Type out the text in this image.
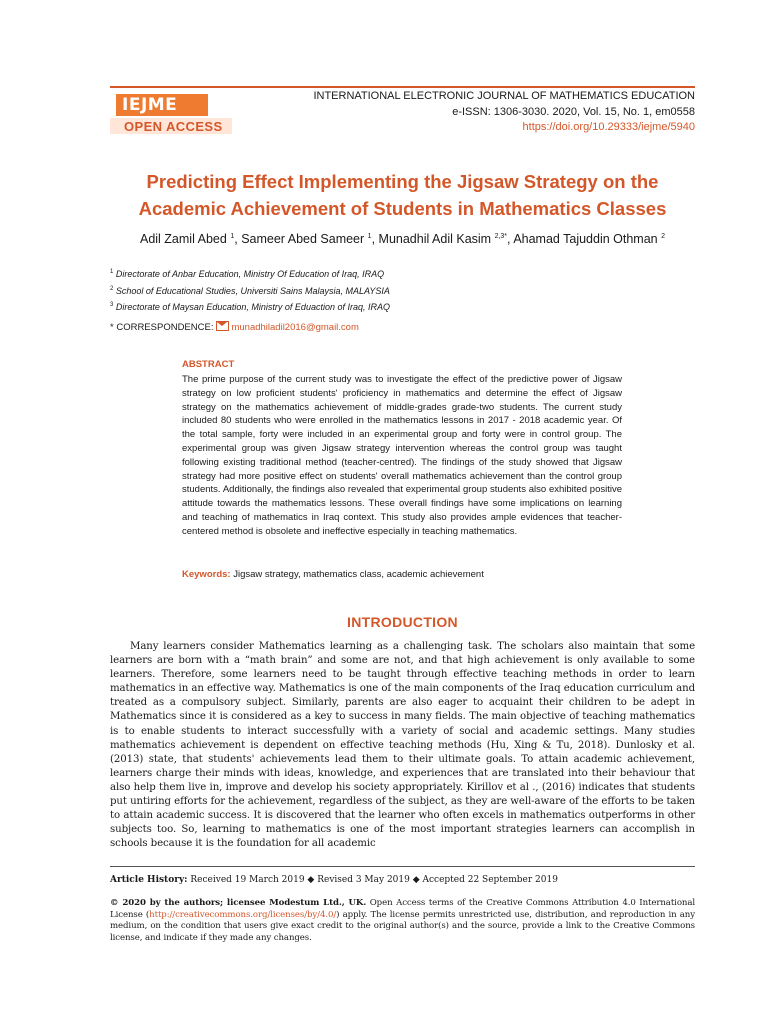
IEJME
OPEN ACCESS
INTERNATIONAL ELECTRONIC JOURNAL OF MATHEMATICS EDUCATION
e-ISSN: 1306-3030. 2020, Vol. 15, No. 1, em0558
https://doi.org/10.29333/iejme/5940
Predicting Effect Implementing the Jigsaw Strategy on the Academic Achievement of Students in Mathematics Classes
Adil Zamil Abed $^1$, Sameer Abed Sameer $^1$, Munadhil Adil Kasim $^{2,3*}$, Ahamad Tajuddin Othman $^2$
$^1$ Directorate of Anbar Education, Ministry Of Education of Iraq, IRAQ
$^2$ School of Educational Studies, Universiti Sains Malaysia, MALAYSIA
$^3$ Directorate of Maysan Education, Ministry of Eduaction of Iraq, IRAQ
* CORRESPONDENCE: munadhiladil2016@gmail.com
ABSTRACT
The prime purpose of the current study was to investigate the effect of the predictive power of Jigsaw strategy on low proficient students' proficiency in mathematics and determine the effect of Jigsaw strategy on the mathematics achievement of middle-grades grade-two students. The current study included 80 students who were enrolled in the mathematics lessons in 2017 - 2018 academic year. Of the total sample, forty were included in an experimental group and forty were in control group. The experimental group was given Jigsaw strategy intervention whereas the control group was taught following existing traditional method (teacher-centred). The findings of the study showed that Jigsaw strategy had more positive effect on students' overall mathematics achievement than the control group students. Additionally, the findings also revealed that experimental group students also exhibited positive attitude towards the mathematics lessons. These overall findings have some implications on learning and teaching of mathematics in Iraq context. This study also provides ample evidences that teacher-centered method is obsolete and ineffective especially in teaching mathematics.
Keywords: Jigsaw strategy, mathematics class, academic achievement
INTRODUCTION
Many learners consider Mathematics learning as a challenging task. The scholars also maintain that some learners are born with a “math brain” and some are not, and that high achievement is only available to some learners. Therefore, some learners need to be taught through effective teaching methods in order to learn mathematics in an effective way. Mathematics is one of the main components of the Iraq education curriculum and treated as a compulsory subject. Similarly, parents are also eager to acquaint their children to be adept in Mathematics since it is considered as a key to success in many fields. The main objective of teaching mathematics is to enable students to interact successfully with a variety of social and academic settings. Many studies mathematics achievement is dependent on effective teaching methods (Hu, Xing & Tu, 2018). Dunlosky et al. (2013) state, that students' achievements lead them to their ultimate goals. To attain academic achievement, learners charge their minds with ideas, knowledge, and experiences that are translated into their behaviour that also help them live in, improve and develop his society appropriately. Kirillov et al ., (2016) indicates that students put untiring efforts for the achievement, regardless of the subject, as they are well-aware of the efforts to be taken to attain academic success. It is discovered that the learner who often excels in mathematics outperforms in other subjects too. So, learning to mathematics is one of the most important strategies learners can accomplish in schools because it is the foundation for all academic
Article History: Received 19 March 2019 ◆ Revised 3 May 2019 ◆ Accepted 22 September 2019
© 2020 by the authors; licensee Modestum Ltd., UK. Open Access terms of the Creative Commons Attribution 4.0 International License (http://creativecommons.org/licenses/by/4.0/) apply. The license permits unrestricted use, distribution, and reproduction in any medium, on the condition that users give exact credit to the original author(s) and the source, provide a link to the Creative Commons license, and indicate if they made any changes.
